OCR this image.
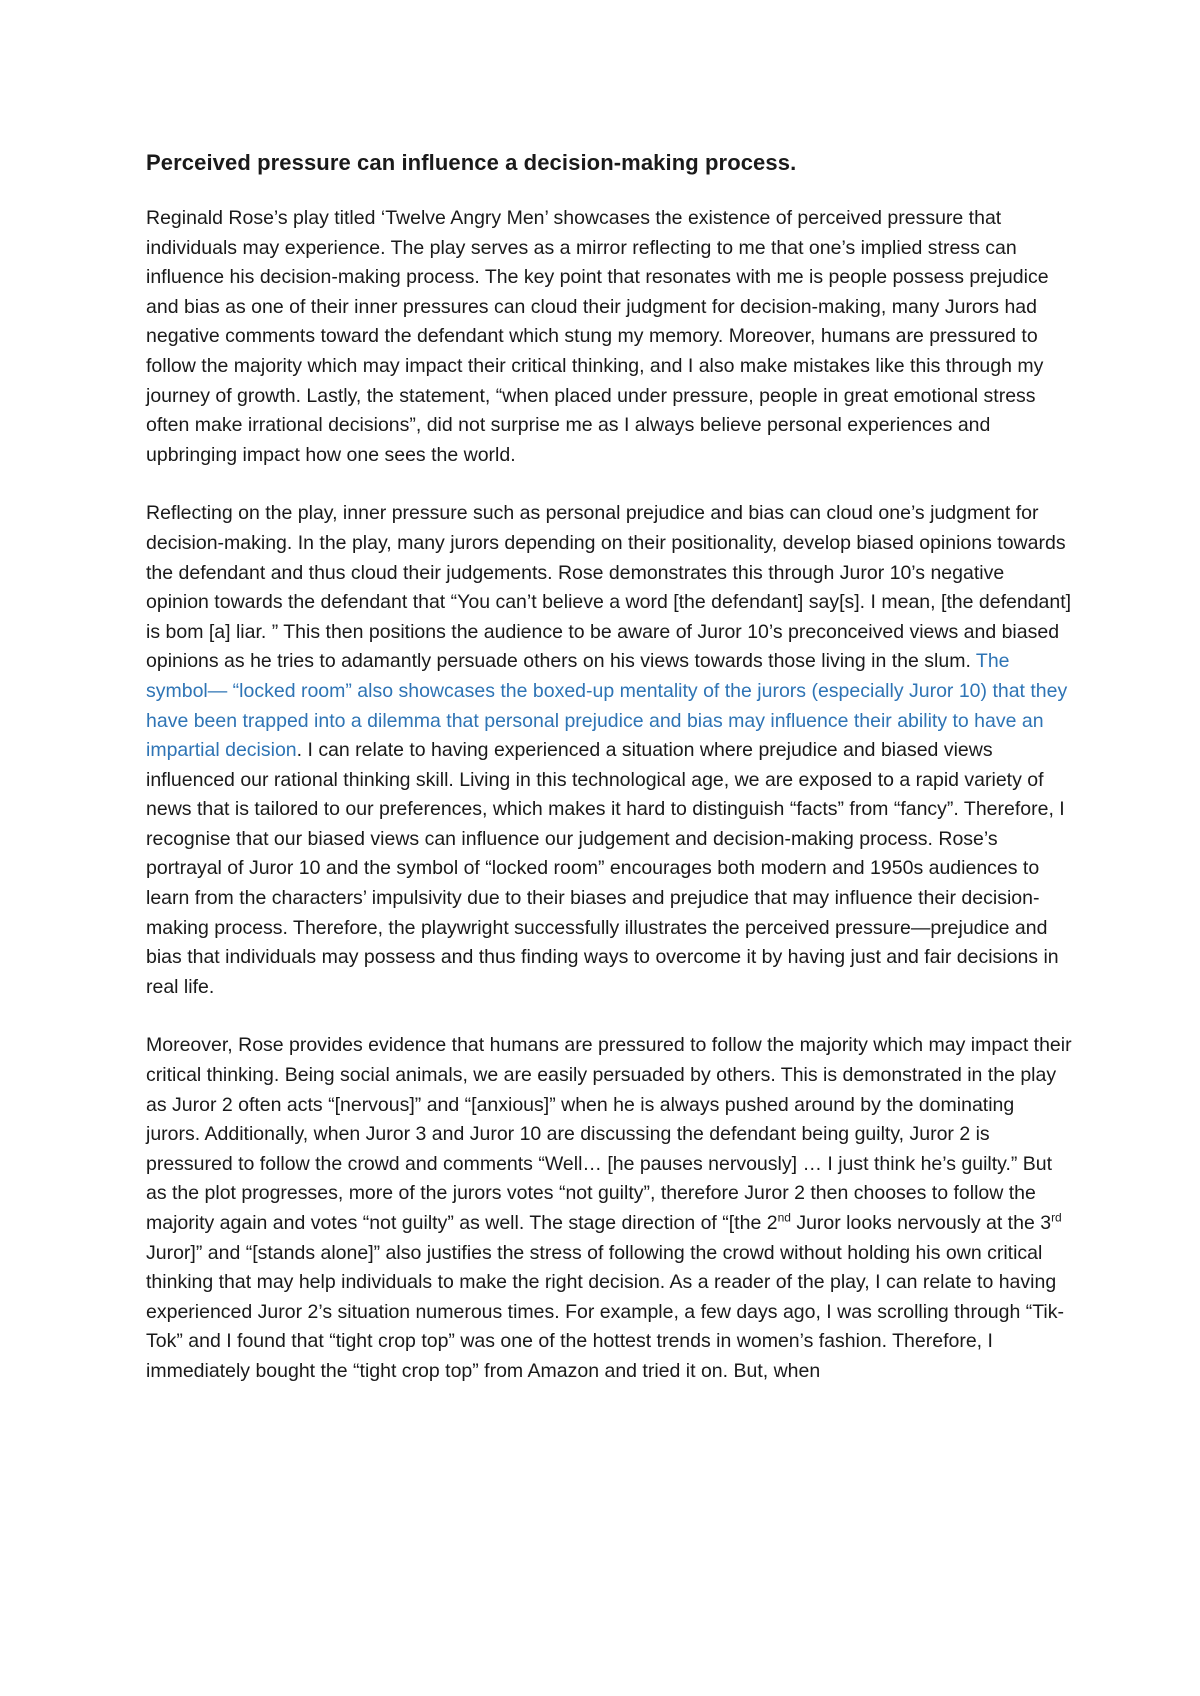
Perceived pressure can influence a decision-making process.

Reginald Rose’s play titled ‘Twelve Angry Men’ showcases the existence of perceived pressure that individuals may experience. The play serves as a mirror reflecting to me that one’s implied stress can influence his decision-making process. The key point that resonates with me is people possess prejudice and bias as one of their inner pressures can cloud their judgment for decision-making, many Jurors had negative comments toward the defendant which stung my memory. Moreover, humans are pressured to follow the majority which may impact their critical thinking, and I also make mistakes like this through my journey of growth. Lastly, the statement, “when placed under pressure, people in great emotional stress often make irrational decisions”, did not surprise me as I always believe personal experiences and upbringing impact how one sees the world.

Reflecting on the play, inner pressure such as personal prejudice and bias can cloud one’s judgment for decision-making. In the play, many jurors depending on their positionality, develop biased opinions towards the defendant and thus cloud their judgements. Rose demonstrates this through Juror 10’s negative opinion towards the defendant that “You can’t believe a word [the defendant] say[s]. I mean, [the defendant] is bom [a] liar. ” This then positions the audience to be aware of Juror 10’s preconceived views and biased opinions as he tries to adamantly persuade others on his views towards those living in the slum. The symbol— “locked room” also showcases the boxed-up mentality of the jurors (especially Juror 10) that they have been trapped into a dilemma that personal prejudice and bias may influence their ability to have an impartial decision. I can relate to having experienced a situation where prejudice and biased views influenced our rational thinking skill. Living in this technological age, we are exposed to a rapid variety of news that is tailored to our preferences, which makes it hard to distinguish “facts” from “fancy”. Therefore, I recognise that our biased views can influence our judgement and decision-making process. Rose’s portrayal of Juror 10 and the symbol of “locked room” encourages both modern and 1950s audiences to learn from the characters’ impulsivity due to their biases and prejudice that may influence their decision-making process. Therefore, the playwright successfully illustrates the perceived pressure—prejudice and bias that individuals may possess and thus finding ways to overcome it by having just and fair decisions in real life.

Moreover, Rose provides evidence that humans are pressured to follow the majority which may impact their critical thinking. Being social animals, we are easily persuaded by others. This is demonstrated in the play as Juror 2 often acts “[nervous]” and “[anxious]” when he is always pushed around by the dominating jurors. Additionally, when Juror 3 and Juror 10 are discussing the defendant being guilty, Juror 2 is pressured to follow the crowd and comments “Well… [he pauses nervously] … I just think he’s guilty.” But as the plot progresses, more of the jurors votes “not guilty”, therefore Juror 2 then chooses to follow the majority again and votes “not guilty” as well. The stage direction of “[the 2nd Juror looks nervously at the 3rd Juror]” and “[stands alone]” also justifies the stress of following the crowd without holding his own critical thinking that may help individuals to make the right decision. As a reader of the play, I can relate to having experienced Juror 2’s situation numerous times. For example, a few days ago, I was scrolling through “Tik-Tok” and I found that “tight crop top” was one of the hottest trends in women’s fashion. Therefore, I immediately bought the “tight crop top” from Amazon and tried it on. But, when
